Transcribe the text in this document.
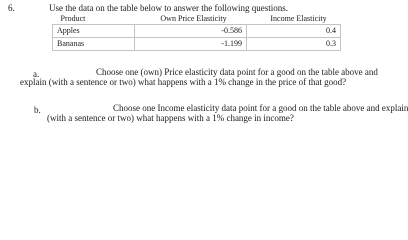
6.	Use the data on the table below to answer the following questions.
Product	Own Price Elasticity	Income Elasticity
Apples	-0.586	0.4
Bananas	-1.199	0.3
a.	Choose one (own) Price elasticity data point for a good on the table above and
explain (with a sentence or two) what happens with a 1% change in the price of that good?
b.	Choose one Income elasticity data point for a good on the table above and explain
(with a sentence or two) what happens with a 1% change in income?
